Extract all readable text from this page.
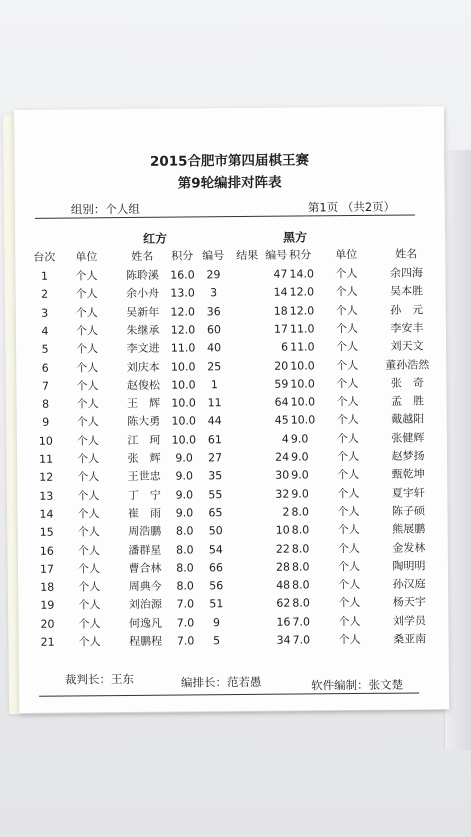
2015合肥市第四届棋王赛
第9轮编排对阵表
组别：个人组	第1页 （共2页）
红方	黑方
台次	单位	姓名	积分 编号	结果 编号 积分	单位	姓名
1	个人	陈聆溪	16.0	29	47 14.0	个人	余四海
2	个人	余小舟	13.0	3	14 12.0	个人	吴本胜
3	个人	吴新年	12.0	36	18 12.0	个人	孙　元
4	个人	朱继承	12.0	60	17 11.0	个人	李安丰
5	个人	李文进	11.0	40	6 11.0	个人	刘天文
6	个人	刘庆本	10.0	25	20 10.0	个人	董孙浩然
7	个人	赵俊松	10.0	1	59 10.0	个人	张　奇
8	个人	王　辉	10.0	11	64 10.0	个人	孟　胜
9	个人	陈大勇	10.0	44	45 10.0	个人	戴越阳
10	个人	江　珂	10.0	61	4 9.0	个人	张健辉
11	个人	张　辉	9.0	27	24 9.0	个人	赵梦扬
12	个人	王世忠	9.0	35	30 9.0	个人	甄乾坤
13	个人	丁　宁	9.0	55	32 9.0	个人	夏宇轩
14	个人	崔　雨	9.0	65	2 8.0	个人	陈子硕
15	个人	周浩鹏	8.0	50	10 8.0	个人	熊展鹏
16	个人	潘群星	8.0	54	22 8.0	个人	金发林
17	个人	曹合林	8.0	66	28 8.0	个人	陶明明
18	个人	周典今	8.0	56	48 8.0	个人	孙汉庭
19	个人	刘治源	7.0	51	62 8.0	个人	杨天宇
20	个人	何逸凡	7.0	9	16 7.0	个人	刘学员
21	个人	程鹏程	7.0	5	34 7.0	个人	桑亚南
裁判长：王东	编排长：范若愚	软件编制：张文楚
